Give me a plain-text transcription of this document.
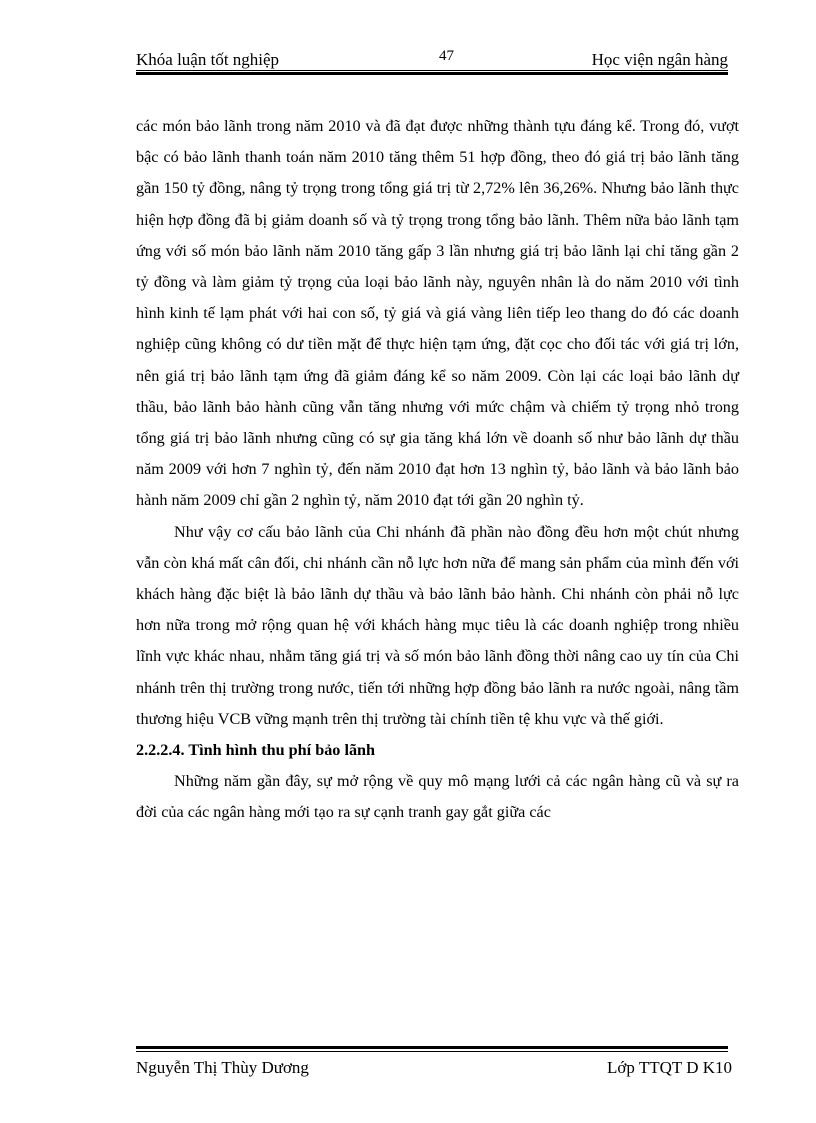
Khóa luận tốt nghiệp	47	Học viện ngân hàng

các món bảo lãnh trong năm 2010 và đã đạt được những thành tựu đáng kể. Trong đó, vượt bậc có bảo lãnh thanh toán năm 2010 tăng thêm 51 hợp đồng, theo đó giá trị bảo lãnh tăng gần 150 tỷ đồng, nâng tỷ trọng trong tổng giá trị từ 2,72% lên 36,26%. Nhưng bảo lãnh thực hiện hợp đồng đã bị giảm doanh số và tỷ trọng trong tổng bảo lãnh. Thêm nữa bảo lãnh tạm ứng với số món bảo lãnh năm 2010 tăng gấp 3 lần nhưng giá trị bảo lãnh lại chỉ tăng gần 2 tỷ đồng và làm giảm tỷ trọng của loại bảo lãnh này, nguyên nhân là do năm 2010 với tình hình kinh tế lạm phát với hai con số, tỷ giá và giá vàng liên tiếp leo thang do đó các doanh nghiệp cũng không có dư tiền mặt để thực hiện tạm ứng, đặt cọc cho đối tác với giá trị lớn, nên giá trị bảo lãnh tạm ứng đã giảm đáng kể so năm 2009. Còn lại các loại bảo lãnh dự thầu, bảo lãnh bảo hành cũng vẫn tăng nhưng với mức chậm và chiếm tỷ trọng nhỏ trong tổng giá trị bảo lãnh nhưng cũng có sự gia tăng khá lớn về doanh số như bảo lãnh dự thầu năm 2009 với hơn 7 nghìn tỷ, đến năm 2010 đạt hơn 13 nghìn tỷ, bảo lãnh và bảo lãnh bảo hành năm 2009 chỉ gần 2 nghìn tỷ, năm 2010 đạt tới gần 20 nghìn tỷ.

Như vậy cơ cấu bảo lãnh của Chi nhánh đã phần nào đồng đều hơn một chút nhưng vẫn còn khá mất cân đối, chi nhánh cần nỗ lực hơn nữa để mang sản phẩm của mình đến với khách hàng đặc biệt là bảo lãnh dự thầu và bảo lãnh bảo hành. Chi nhánh còn phải nỗ lực hơn nữa trong mở rộng quan hệ với khách hàng mục tiêu là các doanh nghiệp trong nhiều lĩnh vực khác nhau, nhằm tăng giá trị và số món bảo lãnh đồng thời nâng cao uy tín của Chi nhánh trên thị trường trong nước, tiến tới những hợp đồng bảo lãnh ra nước ngoài, nâng tầm thương hiệu VCB vững mạnh trên thị trường tài chính tiền tệ khu vực và thế giới.

2.2.2.4. Tình hình thu phí bảo lãnh

Những năm gần đây, sự mở rộng về quy mô mạng lưới cả các ngân hàng cũ và sự ra đời của các ngân hàng mới tạo ra sự cạnh tranh gay gắt giữa các

Nguyễn Thị Thùy Dương	Lớp TTQT D K10
